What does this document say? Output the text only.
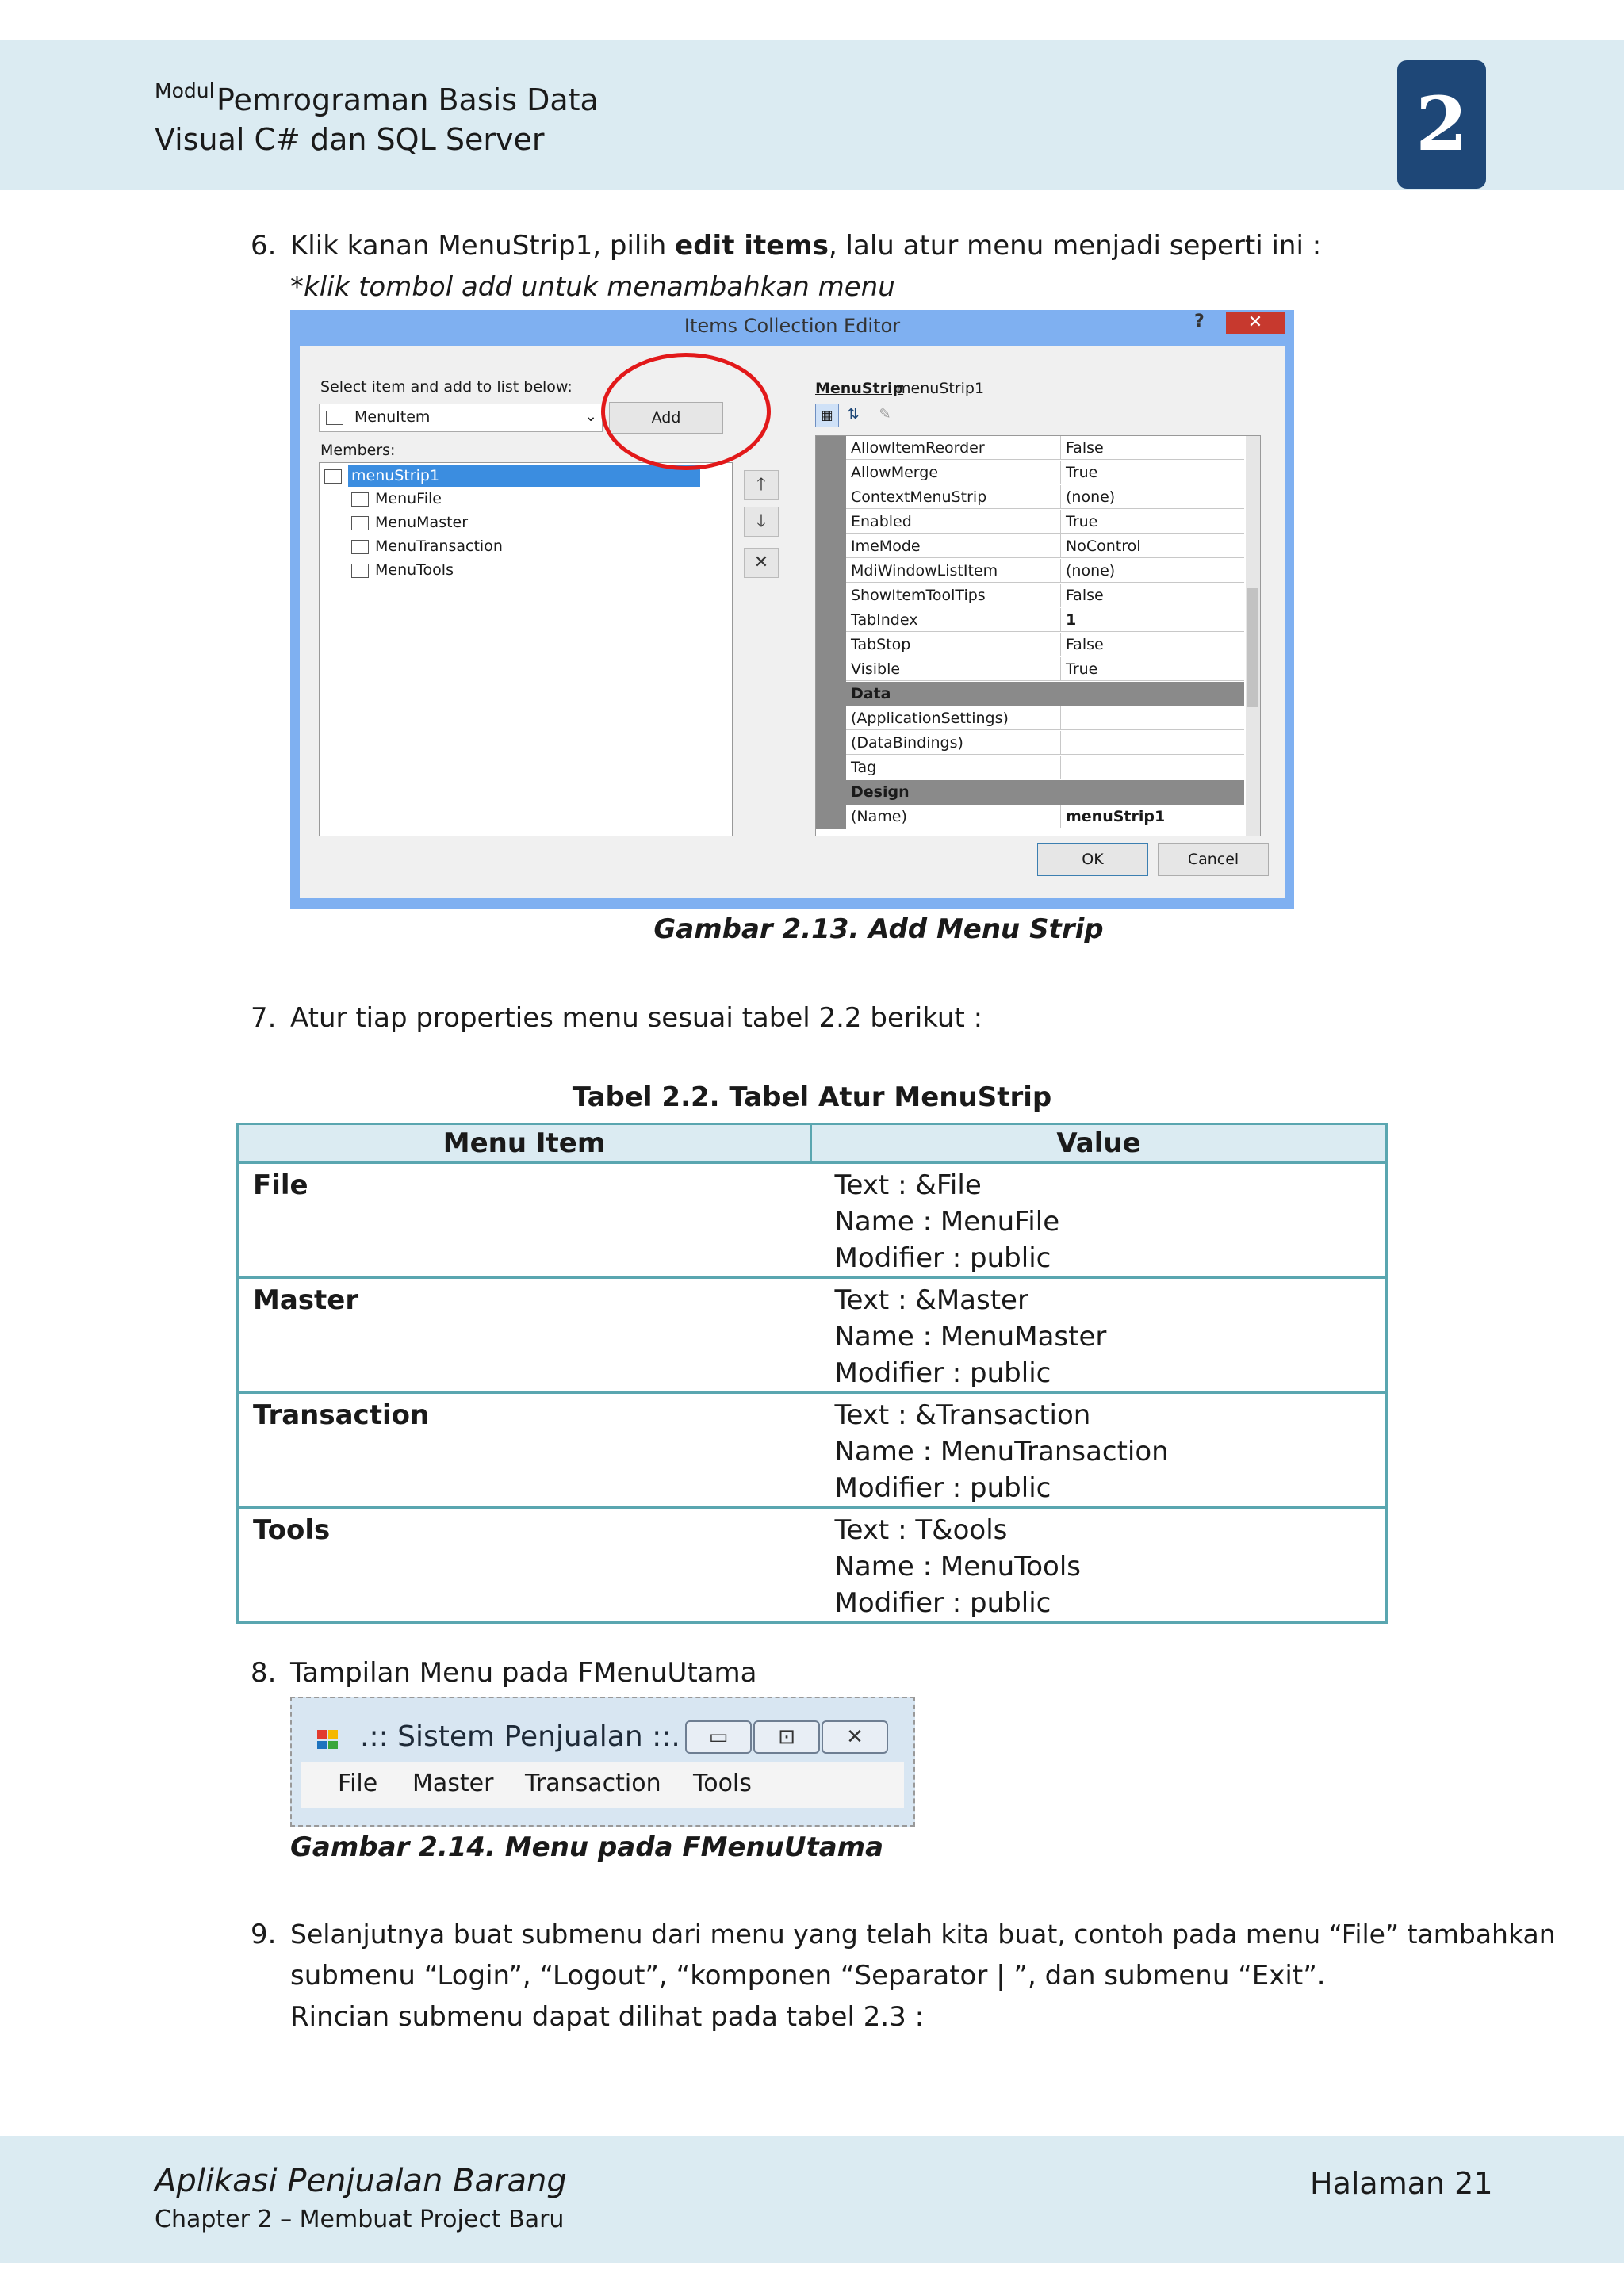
Modul Pemrograman Basis Data
Visual C# dan SQL Server	2
6. Klik kanan MenuStrip1, pilih edit items, lalu atur menu menjadi seperti ini :
*klik tombol add untuk menambahkan menu
Items Collection Editor	?	✕
Select item and add to list below:
MenuItem	⌄	Add
Members:
menuStrip1
MenuFile
MenuMaster
MenuTransaction
MenuTools
🡑
🡓
✕
MenuStrip
menuStrip1
▦ ⇅	✎
AllowItemReorder	False
AllowMerge	True
ContextMenuStrip	(none)
Enabled	True
ImeMode	NoControl
MdiWindowListItem	(none)
ShowItemToolTips	False
TabIndex	1
TabStop	False
Visible	True
Data
(ApplicationSettings)
(DataBindings)
Tag
Design
(Name)	menuStrip1
OK	Cancel
Gambar 2.13. Add Menu Strip
7. Atur tiap properties menu sesuai tabel 2.2 berikut :
Tabel 2.2. Tabel Atur MenuStrip
Menu Item	Value
File	Text : &File
Name : MenuFile
Modifier : public

Master	Text : &Master
Name : MenuMaster
Modifier : public

Transaction	Text : &Transaction
Name : MenuTransaction
Modifier : public

Tools	Text : T&ools
Name : MenuTools
Modifier : public
8. Tampilan Menu pada FMenuUtama
.:: Sistem Penjualan ::.	▭	⊡	✕
File Master Transaction Tools
Gambar 2.14. Menu pada FMenuUtama
9. Selanjutnya buat submenu dari menu yang telah kita buat, contoh pada menu “File” tambahkan
submenu “Login”, “Logout”, “komponen “Separator | ”, dan submenu “Exit”.
Rincian submenu dapat dilihat pada tabel 2.3 :
Aplikasi Penjualan Barang
Chapter 2 – Membuat Project Baru
Halaman 21
